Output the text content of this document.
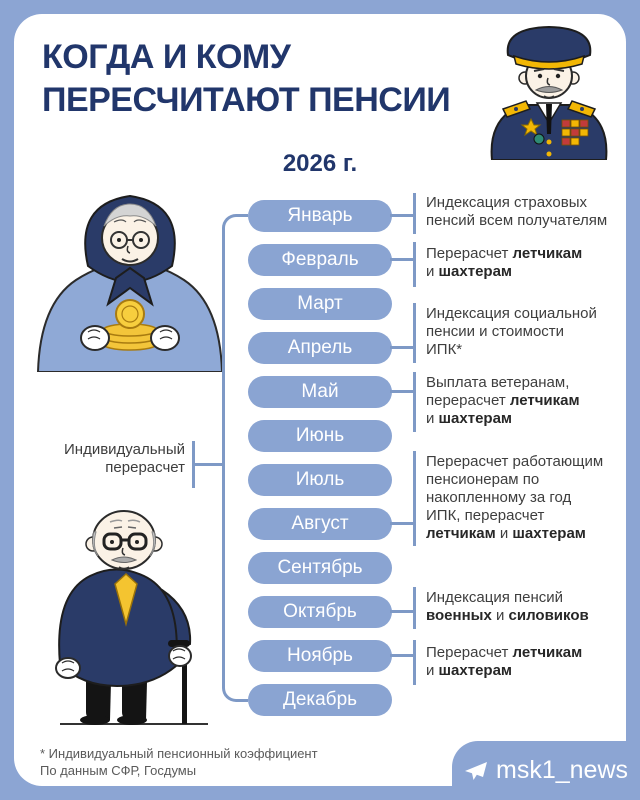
КОГДА И КОМУ
ПЕРЕСЧИТАЮТ ПЕНСИИ
2026 г.
Индивидуальный
перерасчет
Январь
Февраль
Март
Апрель
Май
Июнь
Июль
Август
Сентябрь
Октябрь
Ноябрь
Декабрь
Индексация страховых
пенсий всем получателям
Перерасчет летчикам
и шахтерам
Индексация социальной
пенсии и стоимости
ИПК*
Выплата ветеранам,
перерасчет летчикам
и шахтерам
Перерасчет работающим
пенсионерам по
накопленному за год
ИПК, перерасчет
летчикам и шахтерам
Индексация пенсий
военных и силовиков
Перерасчет летчикам
и шахтерам
* Индивидуальный пенсионный коэффициент
По данным СФР, Госдумы	msk1_news
